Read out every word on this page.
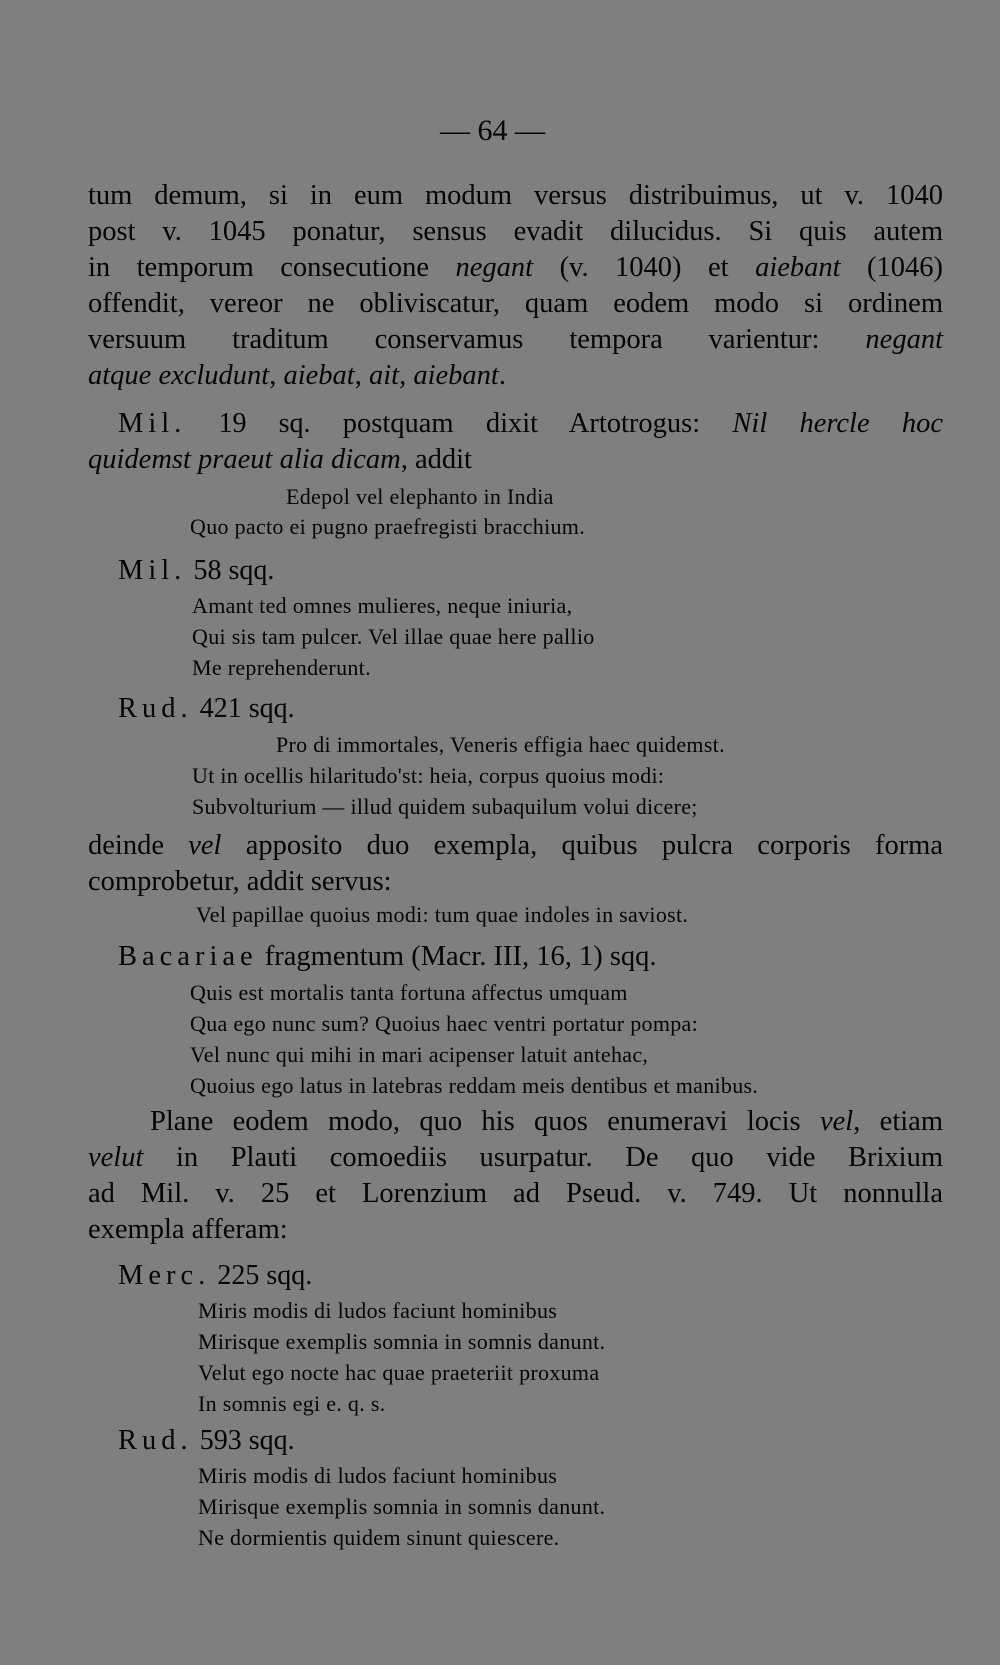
— 64 —
tum demum, si in eum modum versus distribuimus, ut v. 1040
post v. 1045 ponatur, sensus evadit dilucidus. Si quis autem
in temporum consecutione negant (v. 1040) et aiebant (1046)
offendit, vereor ne obliviscatur, quam eodem modo si ordinem
versuum traditum conservamus tempora varientur: negant
atque excludunt, aiebat, ait, aiebant.
Mil. 19 sq. postquam dixit Artotrogus: Nil hercle hoc
quidemst praeut alia dicam, addit
Edepol vel elephanto in India
Quo pacto ei pugno praefregisti bracchium.
Mil. 58 sqq.
Amant ted omnes mulieres, neque iniuria,
Qui sis tam pulcer. Vel illae quae here pallio
Me reprehenderunt.
Rud. 421 sqq.
Pro di immortales, Veneris effigia haec quidemst.
Ut in ocellis hilaritudo'st: heia, corpus quoius modi:
Subvolturium — illud quidem subaquilum volui dicere;
deinde vel apposito duo exempla, quibus pulcra corporis forma
comprobetur, addit servus:
Vel papillae quoius modi: tum quae indoles in saviost.
Bacariae fragmentum (Macr. III, 16, 1) sqq.
Quis est mortalis tanta fortuna affectus umquam
Qua ego nunc sum? Quoius haec ventri portatur pompa:
Vel nunc qui mihi in mari acipenser latuit antehac,
Quoius ego latus in latebras reddam meis dentibus et manibus.
Plane eodem modo, quo his quos enumeravi locis vel, etiam
velut in Plauti comoediis usurpatur. De quo vide Brixium
ad Mil. v. 25 et Lorenzium ad Pseud. v. 749. Ut nonnulla
exempla afferam:
Merc. 225 sqq.
Miris modis di ludos faciunt hominibus
Mirisque exemplis somnia in somnis danunt.
Velut ego nocte hac quae praeteriit proxuma
In somnis egi e. q. s.
Rud. 593 sqq.
Miris modis di ludos faciunt hominibus
Mirisque exemplis somnia in somnis danunt.
Ne dormientis quidem sinunt quiescere.
